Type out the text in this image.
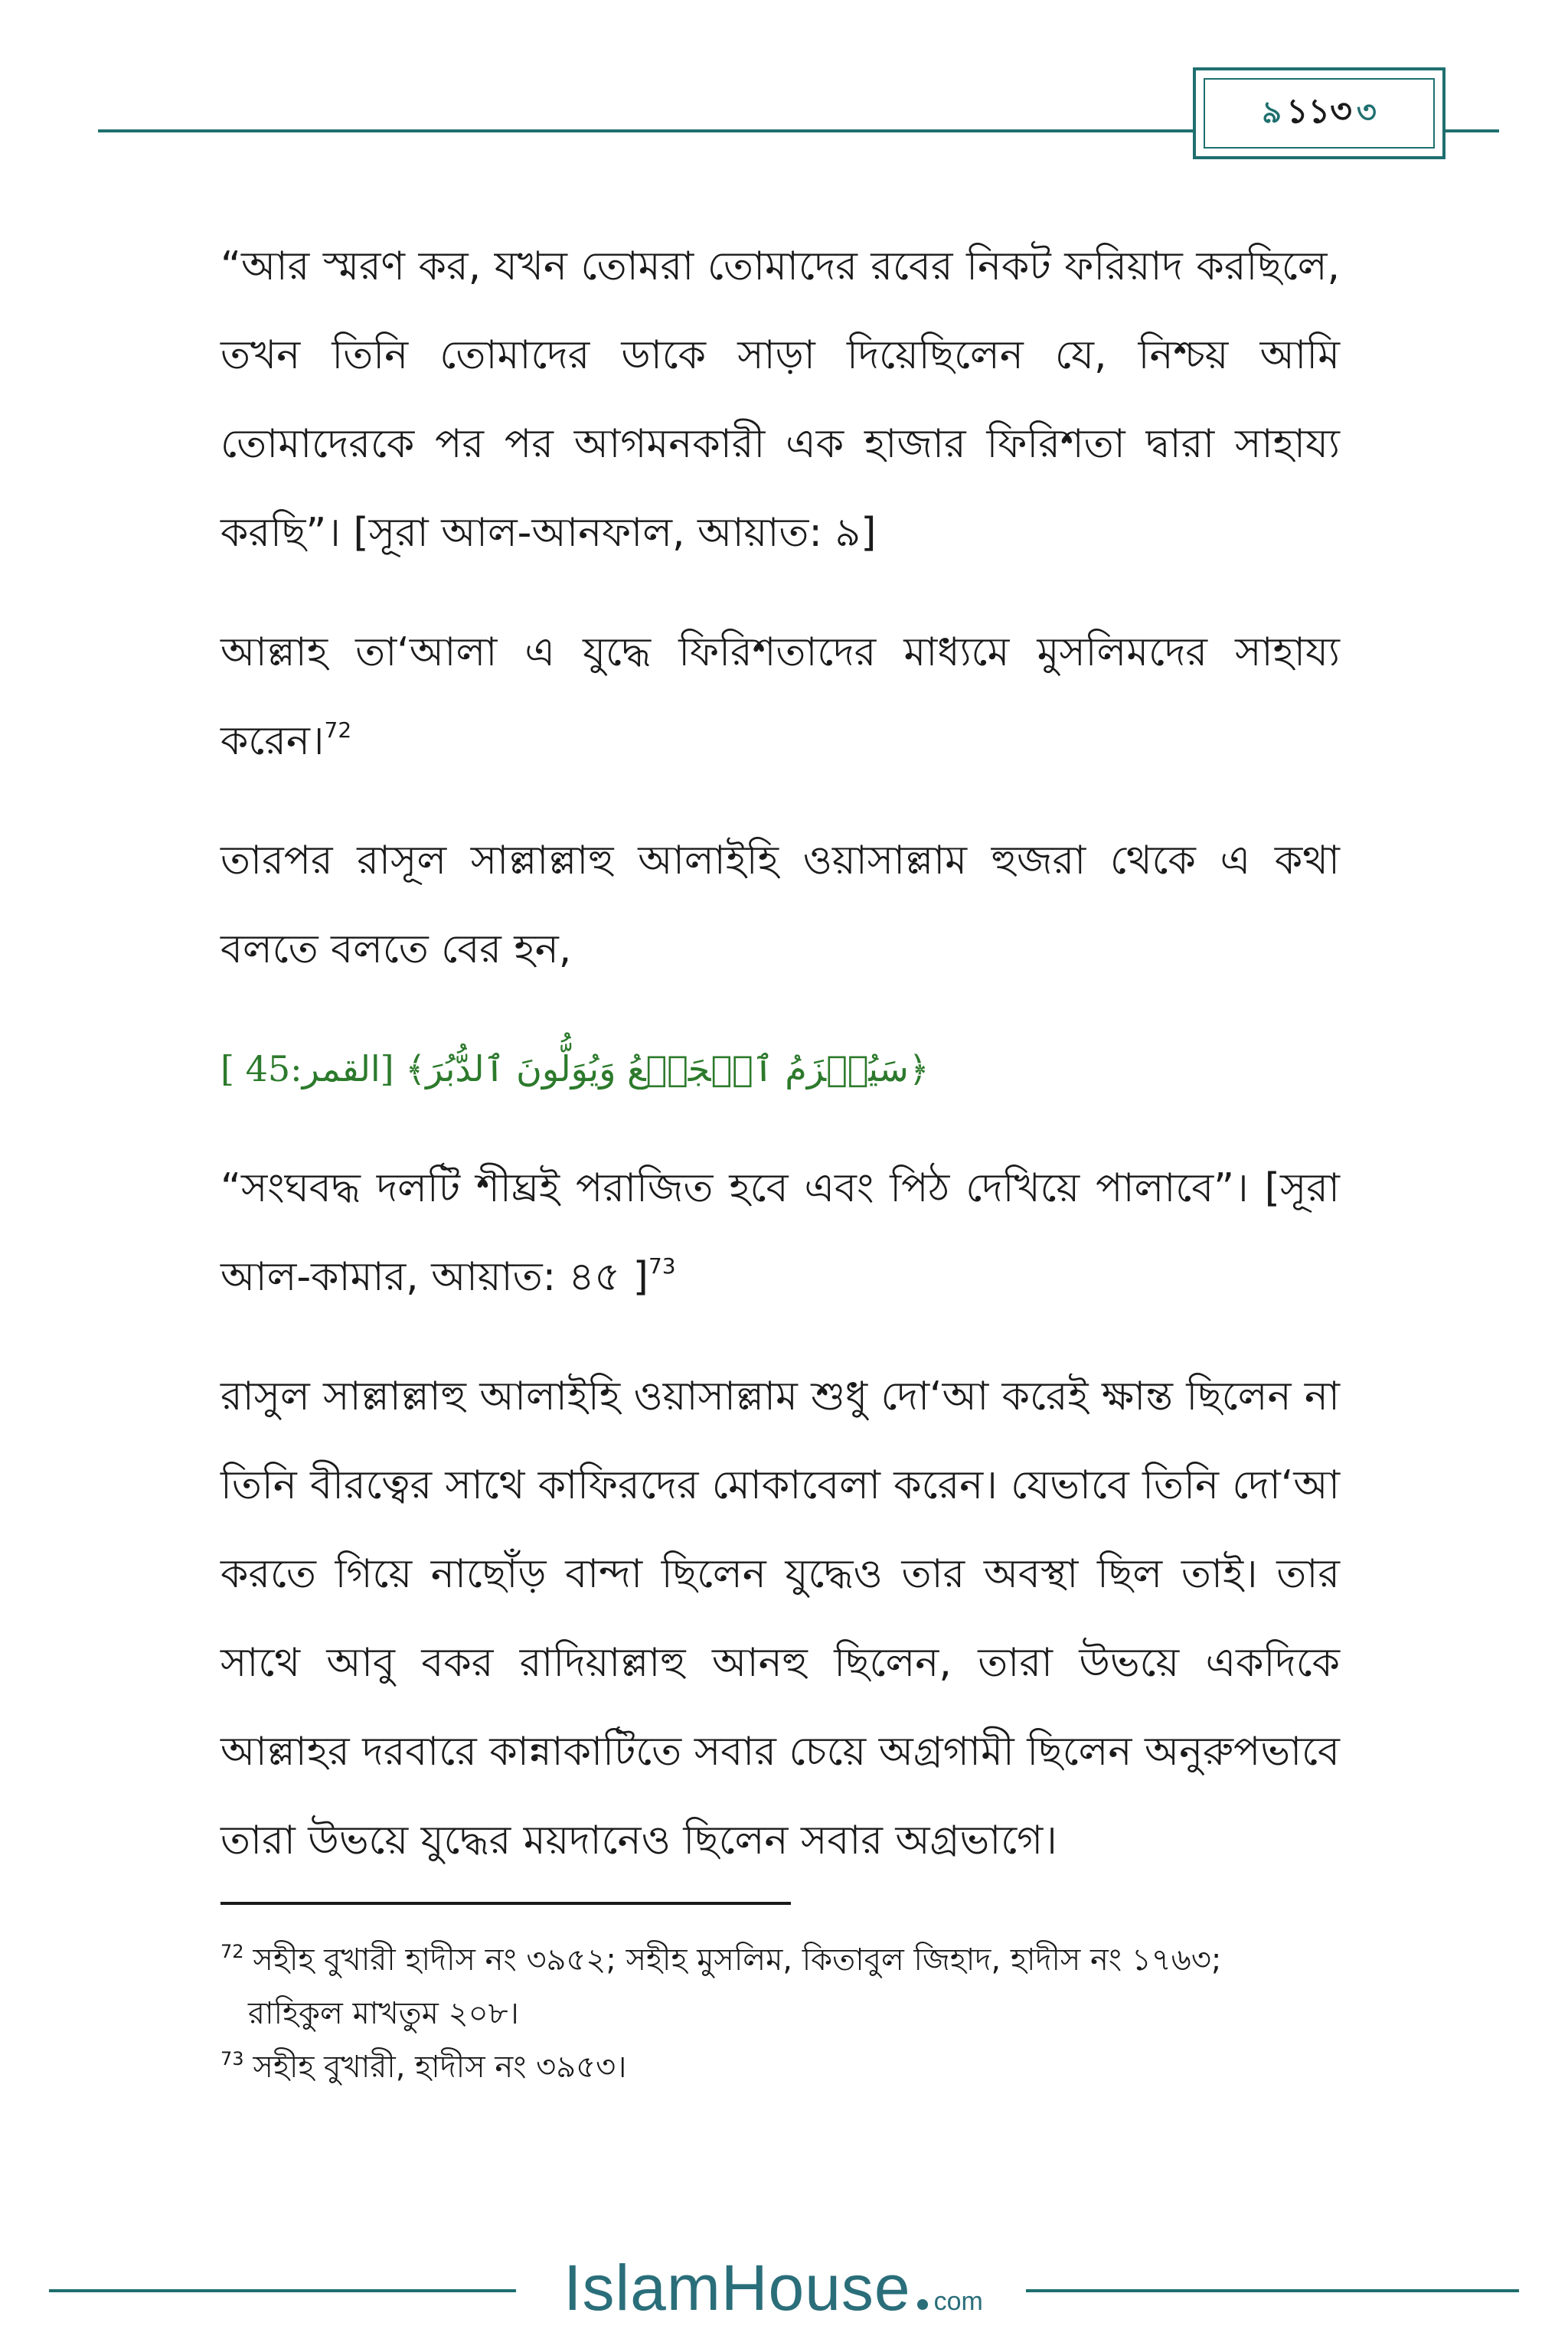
৯ ১১৩ ৩

“আর স্মরণ কর, যখন তোমরা তোমাদের রবের নিকট ফরিয়াদ করছিলে, তখন তিনি তোমাদের ডাকে সাড়া দিয়েছিলেন যে, নিশ্চয় আমি তোমাদেরকে পর পর আগমনকারী এক হাজার ফিরিশতা দ্বারা সাহায্য করছি”। [সূরা আল-আনফাল, আয়াত: ৯]

আল্লাহ তা‘আলা এ যুদ্ধে ফিরিশতাদের মাধ্যমে মুসলিমদের সাহায্য করেন।$^{72}$

তারপর রাসূল সাল্লাল্লাহু আলাইহি ওয়াসাল্লাম হুজরা থেকে এ কথা বলতে বলতে বের হন,

﴿سَيُهۡزَمُ ٱلۡجَمۡعُ وَيُوَلُّونَ ٱلدُّبُرَ﴾ [القمر:45 ]

“সংঘবদ্ধ দলটি শীঘ্রই পরাজিত হবে এবং পিঠ দেখিয়ে পালাবে”। [সূরা আল-কামার, আয়াত: ৪৫ ]$^{73}$

রাসুল সাল্লাল্লাহু আলাইহি ওয়াসাল্লাম শুধু দো‘আ করেই ক্ষান্ত ছিলেন না তিনি বীরত্বের সাথে কাফিরদের মোকাবেলা করেন। যেভাবে তিনি দো‘আ করতে গিয়ে নাছোঁড় বান্দা ছিলেন যুদ্ধেও তার অবস্থা ছিল তাই। তার সাথে আবু বকর রাদিয়াল্লাহু আনহু ছিলেন, তারা উভয়ে একদিকে আল্লাহর দরবারে কান্নাকাটিতে সবার চেয়ে অগ্রগামী ছিলেন অনুরুপভাবে তারা উভয়ে যুদ্ধের ময়দানেও ছিলেন সবার অগ্রভাগে।

$^{72}$ সহীহ বুখারী হাদীস নং ৩৯৫২; সহীহ মুসলিম, কিতাবুল জিহাদ, হাদীস নং ১৭৬৩;
রাহিকুল মাখতুম ২০৮।

$^{73}$ সহীহ বুখারী, হাদীস নং ৩৯৫৩।

IslamHouse com
